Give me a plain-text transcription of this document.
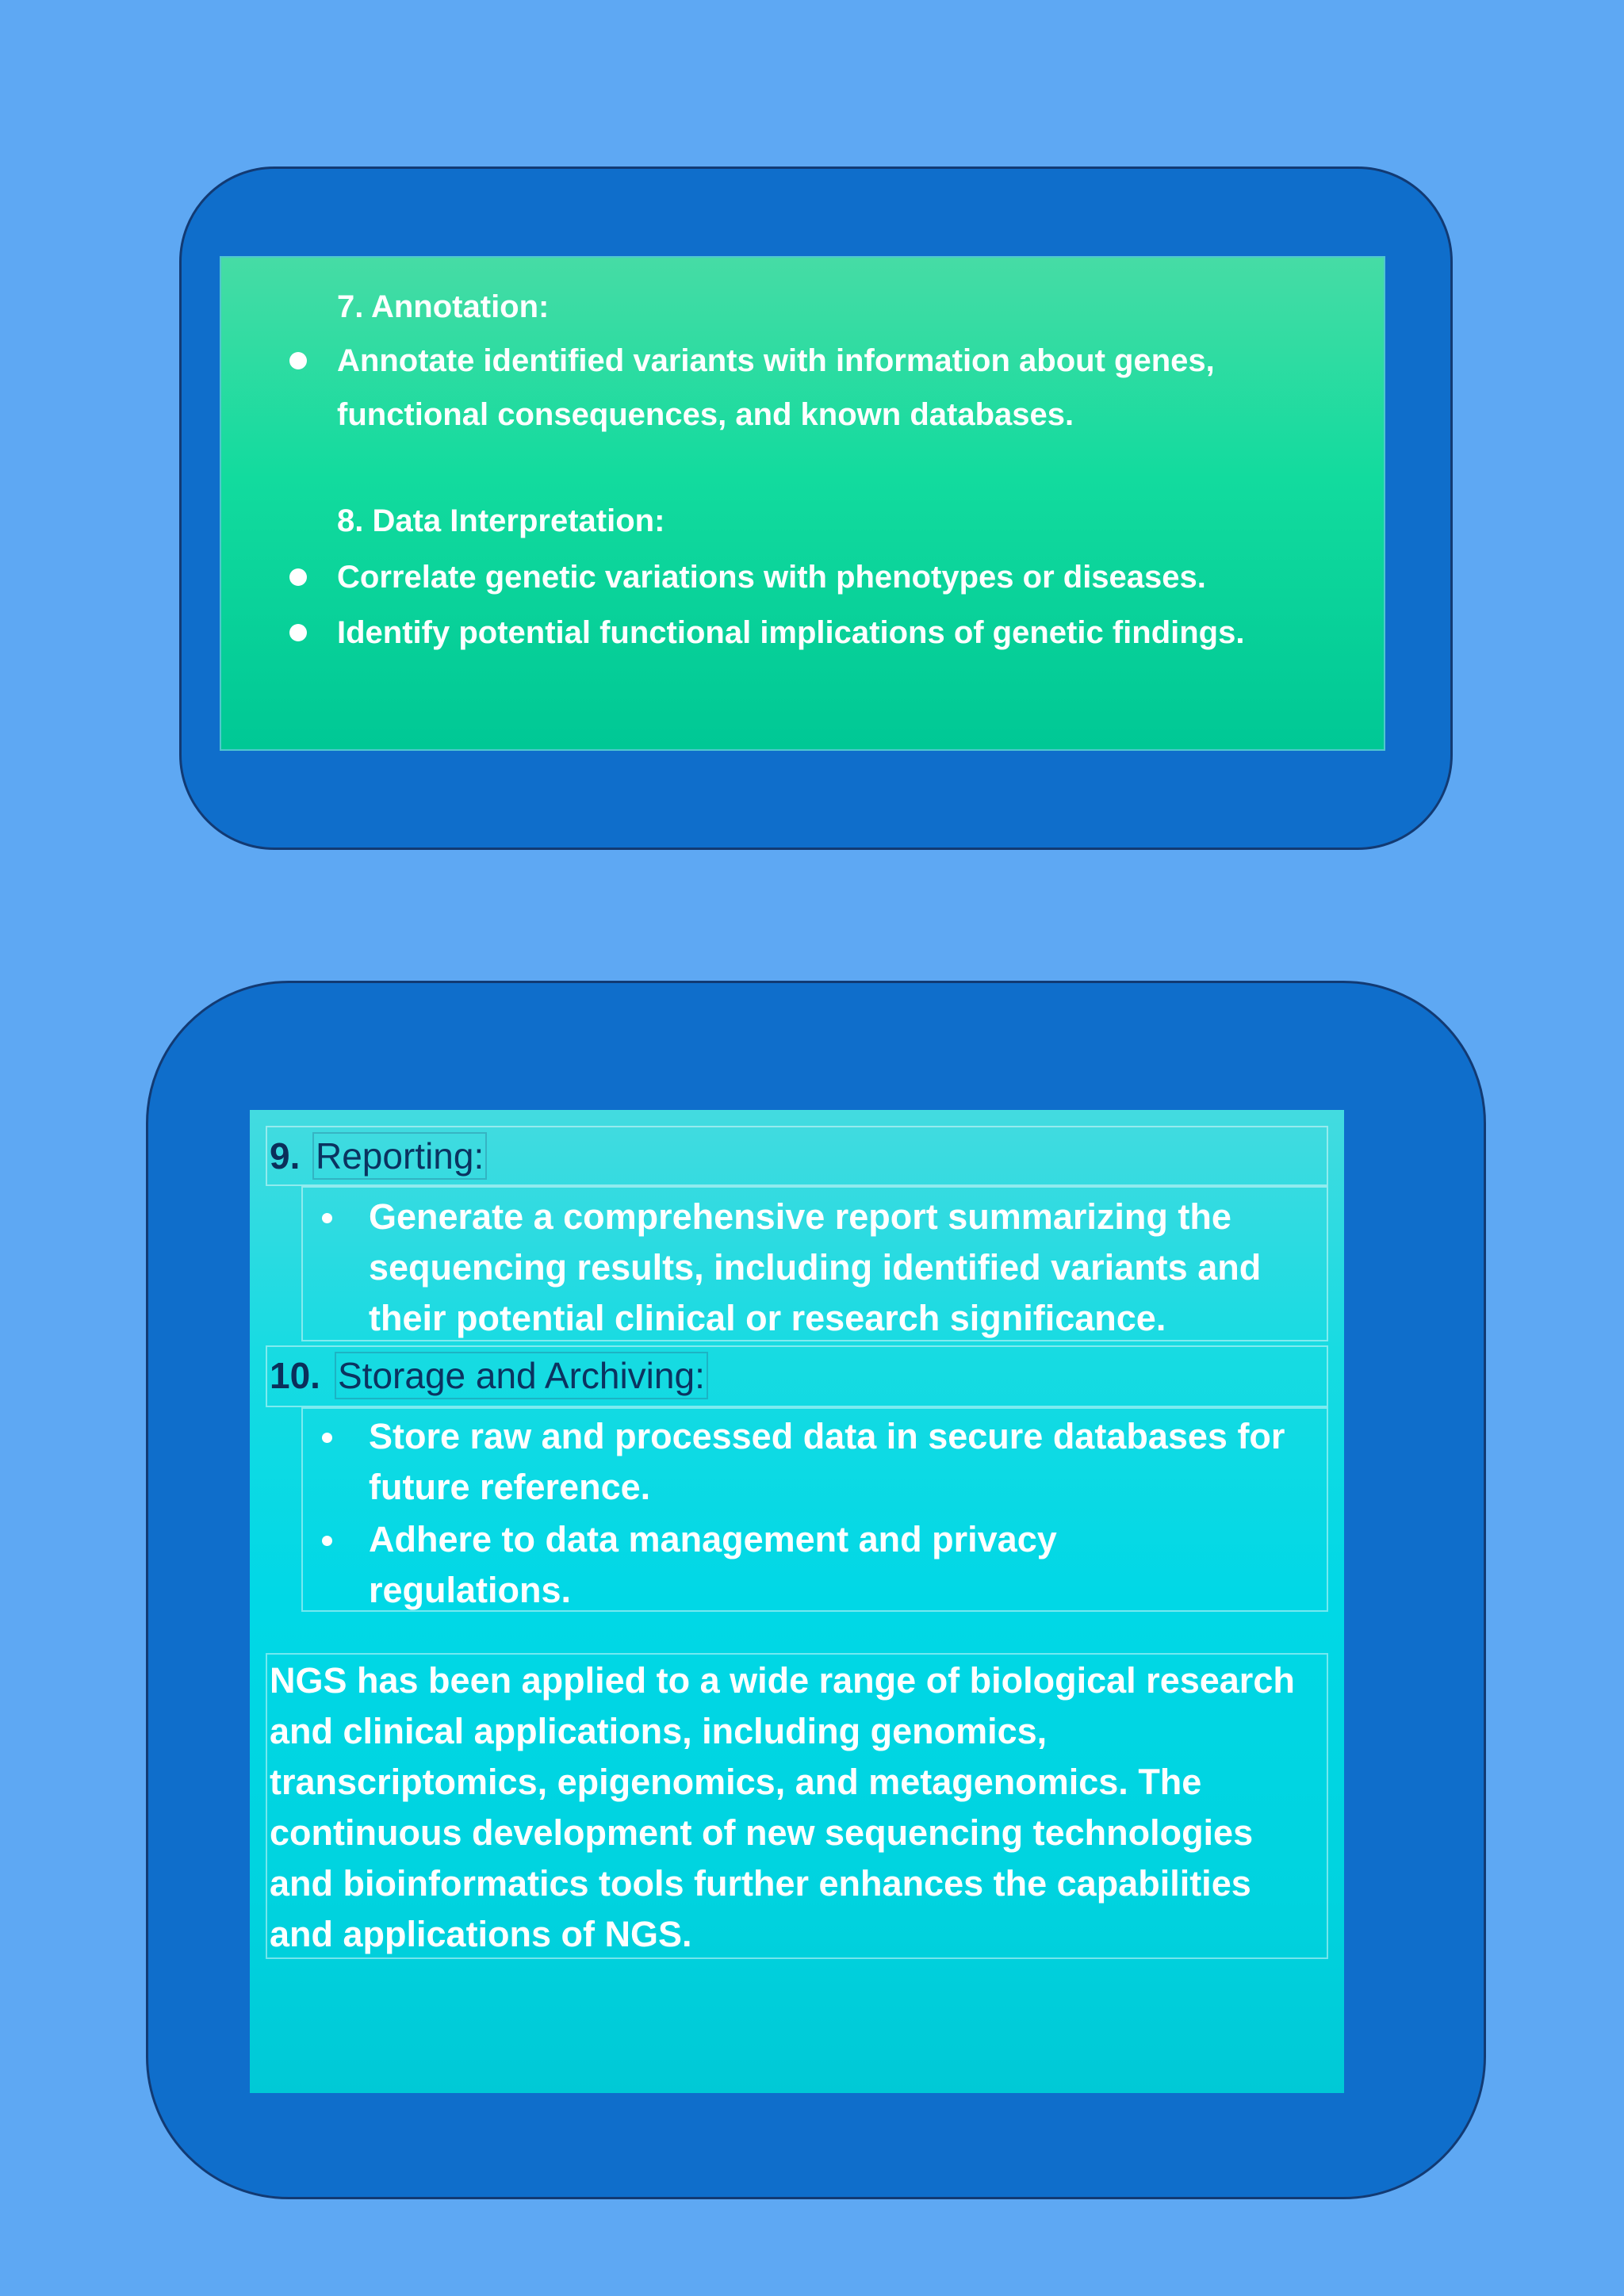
7. Annotation:
Annotate identified variants with information about genes, functional consequences, and known databases.
8. Data Interpretation:
Correlate genetic variations with phenotypes or diseases.
Identify potential functional implications of genetic findings.
9. Reporting:
Generate a comprehensive report summarizing the sequencing results, including identified variants and their potential clinical or research significance.
10. Storage and Archiving:
Store raw and processed data in secure databases for future reference.
Adhere to data management and privacy regulations.
NGS has been applied to a wide range of biological research and clinical applications, including genomics, transcriptomics, epigenomics, and metagenomics. The continuous development of new sequencing technologies and bioinformatics tools further enhances the capabilities and applications of NGS.
